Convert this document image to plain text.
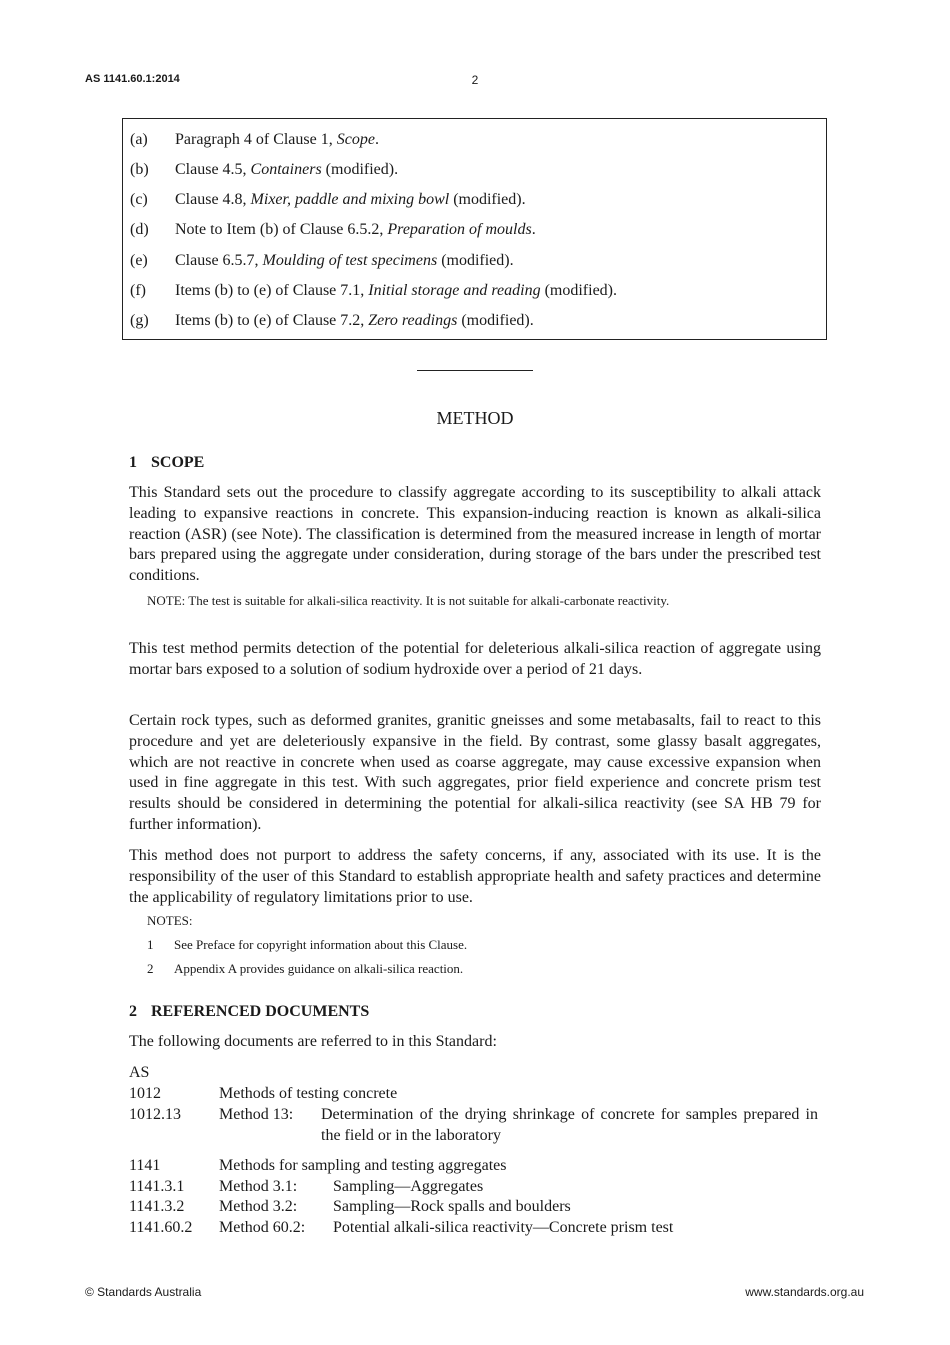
AS 1141.60.1:2014	2
(a) Paragraph 4 of Clause 1, Scope.
(b) Clause 4.5, Containers (modified).
(c) Clause 4.8, Mixer, paddle and mixing bowl (modified).
(d) Note to Item (b) of Clause 6.5.2, Preparation of moulds.
(e) Clause 6.5.7, Moulding of test specimens (modified).
(f) Items (b) to (e) of Clause 7.1, Initial storage and reading (modified).
(g) Items (b) to (e) of Clause 7.2, Zero readings (modified).
METHOD
1 SCOPE
This Standard sets out the procedure to classify aggregate according to its susceptibility to alkali attack leading to expansive reactions in concrete. This expansion-inducing reaction is known as alkali-silica reaction (ASR) (see Note). The classification is determined from the measured increase in length of mortar bars prepared using the aggregate under consideration, during storage of the bars under the prescribed test conditions.
NOTE: The test is suitable for alkali-silica reactivity. It is not suitable for alkali-carbonate reactivity.
This test method permits detection of the potential for deleterious alkali-silica reaction of aggregate using mortar bars exposed to a solution of sodium hydroxide over a period of 21 days.
Certain rock types, such as deformed granites, granitic gneisses and some metabasalts, fail to react to this procedure and yet are deleteriously expansive in the field. By contrast, some glassy basalt aggregates, which are not reactive in concrete when used as coarse aggregate, may cause excessive expansion when used in fine aggregate in this test. With such aggregates, prior field experience and concrete prism test results should be considered in determining the potential for alkali-silica reactivity (see SA HB 79 for further information).
This method does not purport to address the safety concerns, if any, associated with its use. It is the responsibility of the user of this Standard to establish appropriate health and safety practices and determine the applicability of regulatory limitations prior to use.
NOTES:
1 See Preface for copyright information about this Clause.
2 Appendix A provides guidance on alkali-silica reaction.
2 REFERENCED DOCUMENTS
The following documents are referred to in this Standard:
AS
1012	Methods of testing concrete
1012.13 Method 13: Determination of the drying shrinkage of concrete for samples prepared in the field or in the laboratory
1141	Methods for sampling and testing aggregates
1141.3.1 Method 3.1: Sampling—Aggregates
1141.3.2 Method 3.2: Sampling—Rock spalls and boulders
1141.60.2 Method 60.2: Potential alkali-silica reactivity—Concrete prism test
© Standards Australia	www.standards.org.au
